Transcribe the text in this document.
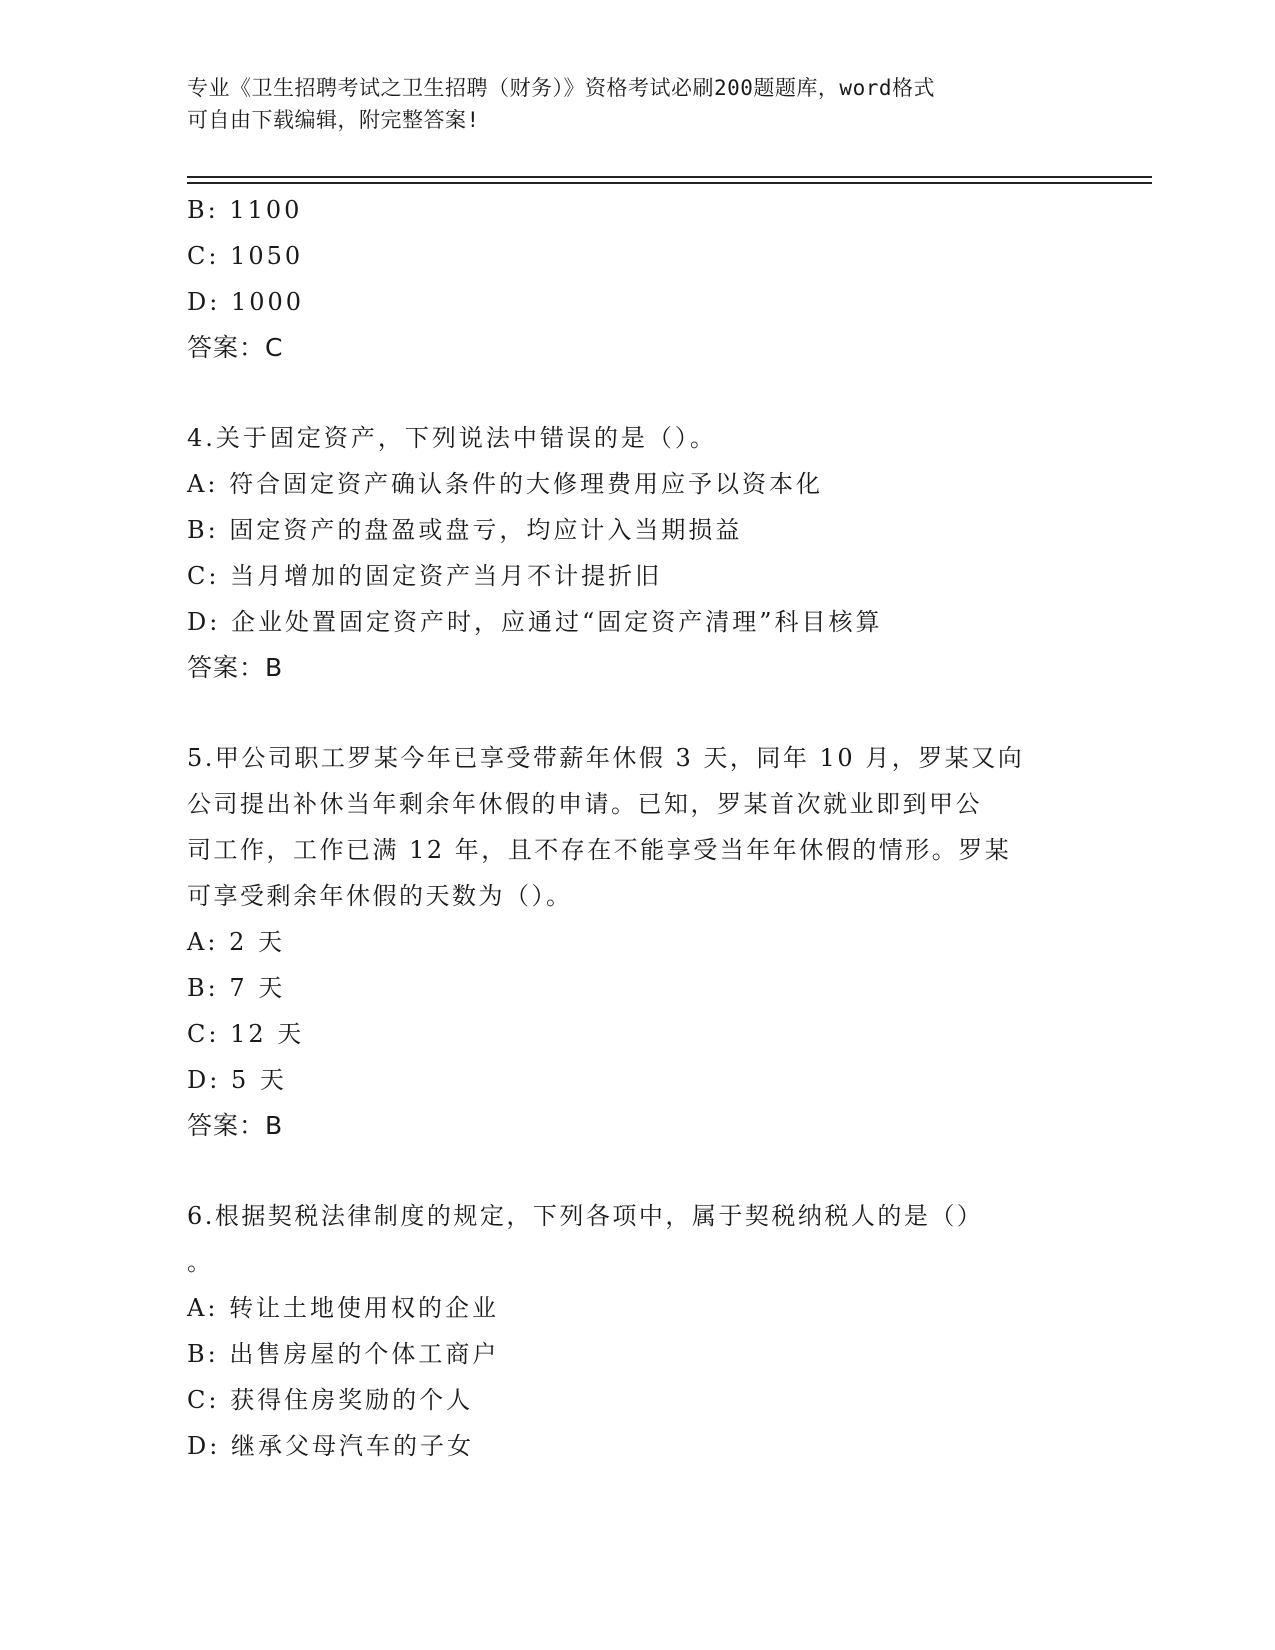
专业《卫生招聘考试之卫生招聘（财务）》资格考试必刷200题题库，word格式
可自由下载编辑，附完整答案!
B: 1100
C: 1050
D: 1000
答案：C
4.关于固定资产，下列说法中错误的是（）。
A: 符合固定资产确认条件的大修理费用应予以资本化
B: 固定资产的盘盈或盘亏，均应计入当期损益
C: 当月增加的固定资产当月不计提折旧
D: 企业处置固定资产时，应通过“固定资产清理”科目核算
答案：B
5.甲公司职工罗某今年已享受带薪年休假 3 天，同年 10 月，罗某又向
公司提出补休当年剩余年休假的申请。已知，罗某首次就业即到甲公
司工作，工作已满 12 年，且不存在不能享受当年年休假的情形。罗某
可享受剩余年休假的天数为（）。
A: 2 天
B: 7 天
C: 12 天
D: 5 天
答案：B
6.根据契税法律制度的规定，下列各项中，属于契税纳税人的是（）
。
A: 转让土地使用权的企业
B: 出售房屋的个体工商户
C: 获得住房奖励的个人
D: 继承父母汽车的子女
